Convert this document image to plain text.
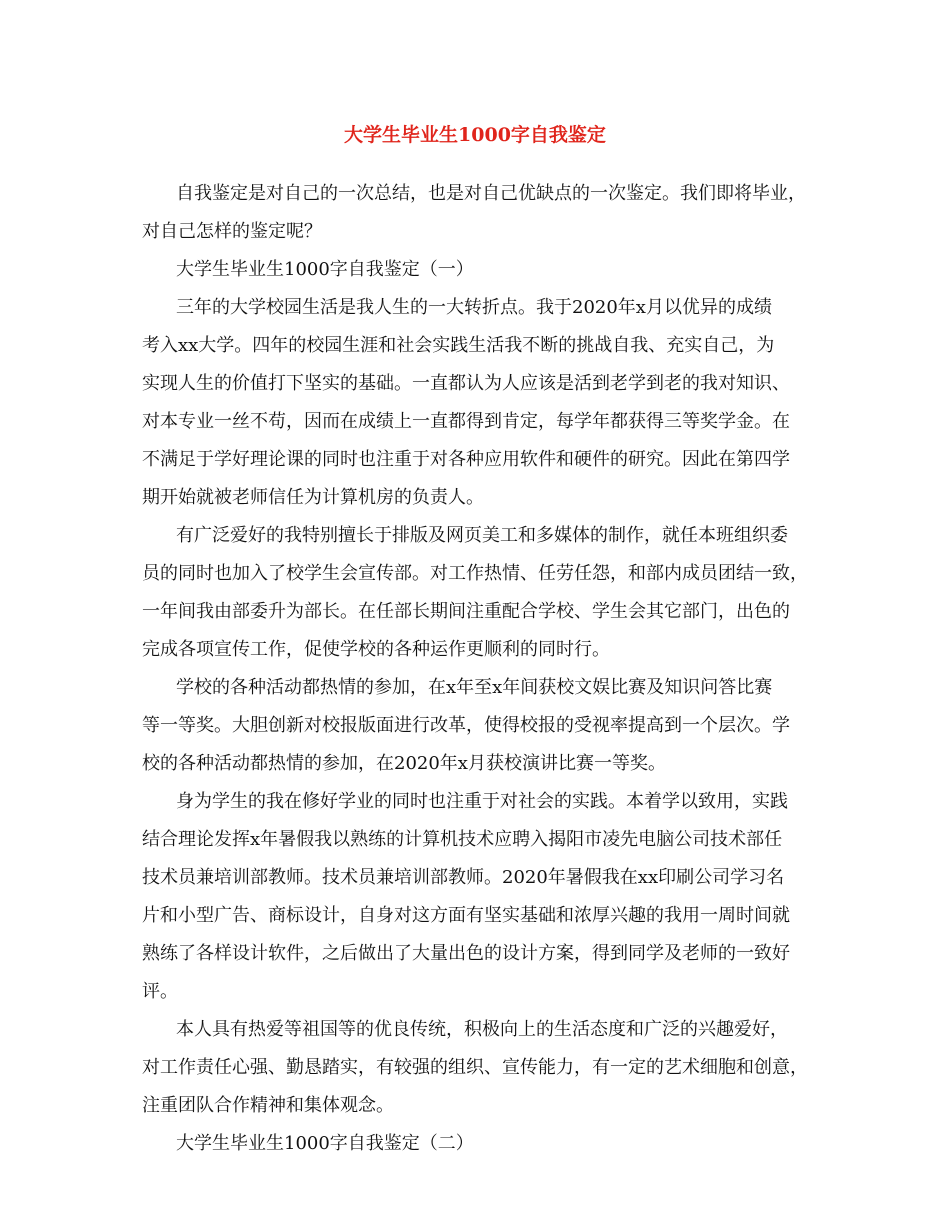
大学生毕业生1000字自我鉴定

自我鉴定是对自己的一次总结，也是对自己优缺点的一次鉴定。我们即将毕业，

对自己怎样的鉴定呢？

大学生毕业生1000字自我鉴定（一）

三年的大学校园生活是我人生的一大转折点。我于2020年x月以优异的成绩

考入xx大学。四年的校园生涯和社会实践生活我不断的挑战自我、充实自己，为

实现人生的价值打下坚实的基础。一直都认为人应该是活到老学到老的我对知识、

对本专业一丝不苟，因而在成绩上一直都得到肯定，每学年都获得三等奖学金。在

不满足于学好理论课的同时也注重于对各种应用软件和硬件的研究。因此在第四学

期开始就被老师信任为计算机房的负责人。

有广泛爱好的我特别擅长于排版及网页美工和多媒体的制作，就任本班组织委

员的同时也加入了校学生会宣传部。对工作热情、任劳任怨，和部内成员团结一致，

一年间我由部委升为部长。在任部长期间注重配合学校、学生会其它部门，出色的

完成各项宣传工作，促使学校的各种运作更顺利的同时行。

学校的各种活动都热情的参加，在x年至x年间获校文娱比赛及知识问答比赛

等一等奖。大胆创新对校报版面进行改革，使得校报的受视率提高到一个层次。学

校的各种活动都热情的参加，在2020年x月获校演讲比赛一等奖。

身为学生的我在修好学业的同时也注重于对社会的实践。本着学以致用，实践

结合理论发挥x年暑假我以熟练的计算机技术应聘入揭阳市凌先电脑公司技术部任

技术员兼培训部教师。技术员兼培训部教师。2020年暑假我在xx印刷公司学习名

片和小型广告、商标设计，自身对这方面有坚实基础和浓厚兴趣的我用一周时间就

熟练了各样设计软件，之后做出了大量出色的设计方案，得到同学及老师的一致好

评。

本人具有热爱等祖国等的优良传统，积极向上的生活态度和广泛的兴趣爱好，

对工作责任心强、勤恳踏实，有较强的组织、宣传能力，有一定的艺术细胞和创意，

注重团队合作精神和集体观念。

大学生毕业生1000字自我鉴定（二）
